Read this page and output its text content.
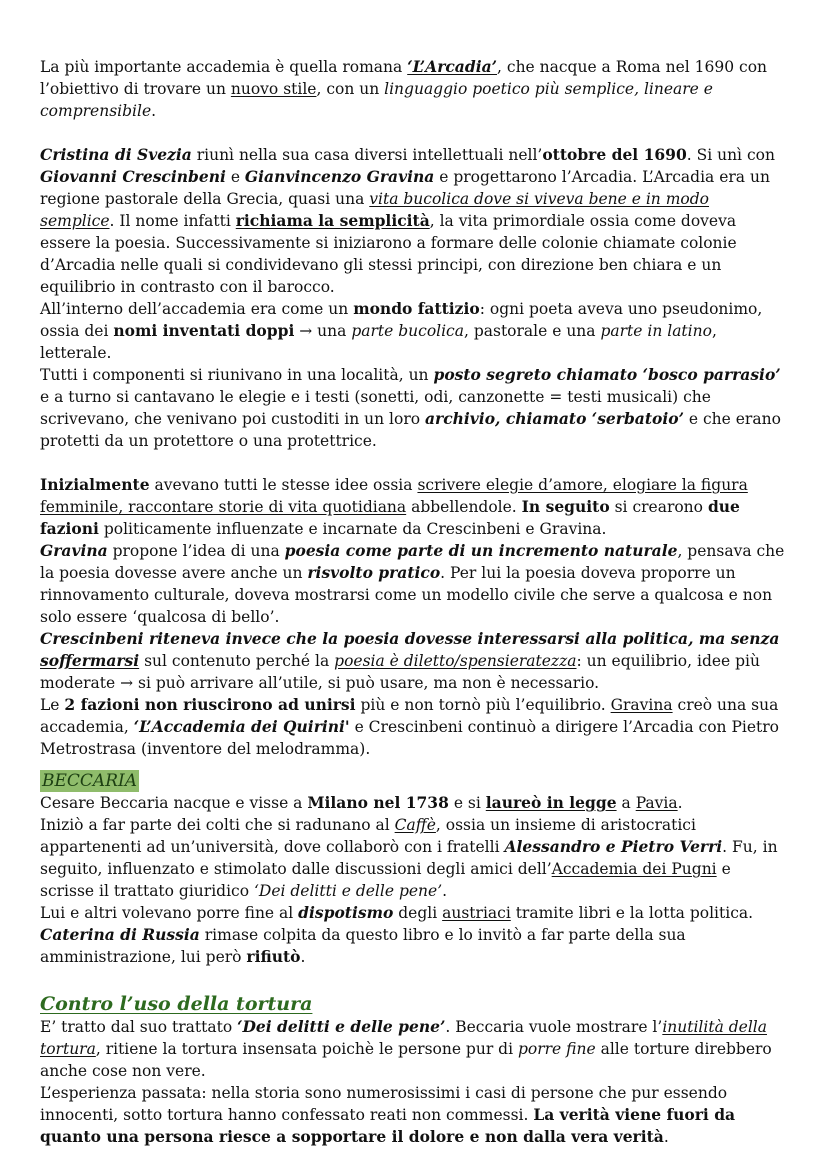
La più importante accademia è quella romana ‘L’Arcadia’, che nacque a Roma nel 1690 con l’obiettivo di trovare un nuovo stile, con un linguaggio poetico più semplice, lineare e comprensibile.

Cristina di Svezia riunì nella sua casa diversi intellettuali nell’ottobre del 1690. Si unì con Giovanni Crescinbeni e Gianvincenzo Gravina e progettarono l’Arcadia. L’Arcadia era un regione pastorale della Grecia, quasi una vita bucolica dove si viveva bene e in modo semplice. Il nome infatti richiama la semplicità, la vita primordiale ossia come doveva essere la poesia. Successivamente si iniziarono a formare delle colonie chiamate colonie d’Arcadia nelle quali si condividevano gli stessi principi, con direzione ben chiara e un equilibrio in contrasto con il barocco.

All’interno dell’accademia era come un mondo fattizio: ogni poeta aveva uno pseudonimo, ossia dei nomi inventati doppi → una parte bucolica, pastorale e una parte in latino, letterale.

Tutti i componenti si riunivano in una località, un posto segreto chiamato ‘bosco parrasio’ e a turno si cantavano le elegie e i testi (sonetti, odi, canzonette = testi musicali) che scrivevano, che venivano poi custoditi in un loro archivio, chiamato ‘serbatoio’ e che erano protetti da un protettore o una protettrice.

Inizialmente avevano tutti le stesse idee ossia scrivere elegie d’amore, elogiare la figura femminile, raccontare storie di vita quotidiana abbellendole. In seguito si crearono due fazioni politicamente influenzate e incarnate da Crescinbeni e Gravina.

Gravina propone l’idea di una poesia come parte di un incremento naturale, pensava che la poesia dovesse avere anche un risvolto pratico. Per lui la poesia doveva proporre un rinnovamento culturale, doveva mostrarsi come un modello civile che serve a qualcosa e non solo essere ‘qualcosa di bello’.

Crescinbeni riteneva invece che la poesia dovesse interessarsi alla politica, ma senza soffermarsi sul contenuto perché la poesia è diletto/spensieratezza: un equilibrio, idee più moderate → si può arrivare all’utile, si può usare, ma non è necessario.

Le 2 fazioni non riuscirono ad unirsi più e non tornò più l’equilibrio. Gravina creò una sua accademia, ‘L’Accademia dei Quirini' e Crescinbeni continuò a dirigere l’Arcadia con Pietro Metrostrasa (inventore del melodramma).

BECCARIA

Cesare Beccaria nacque e visse a Milano nel 1738 e si laureò in legge a Pavia.

Iniziò a far parte dei colti che si radunano al Caffè, ossia un insieme di aristocratici appartenenti ad un’università, dove collaborò con i fratelli Alessandro e Pietro Verri. Fu, in seguito, influenzato e stimolato dalle discussioni degli amici dell’Accademia dei Pugni e scrisse il trattato giuridico ‘Dei delitti e delle pene’.

Lui e altri volevano porre fine al dispotismo degli austriaci tramite libri e la lotta politica.

Caterina di Russia rimase colpita da questo libro e lo invitò a far parte della sua amministrazione, lui però rifiutò.

Contro l’uso della tortura

E’ tratto dal suo trattato ‘Dei delitti e delle pene’. Beccaria vuole mostrare l’inutilità della tortura, ritiene la tortura insensata poichè le persone pur di porre fine alle torture direbbero anche cose non vere.

L’esperienza passata: nella storia sono numerosissimi i casi di persone che pur essendo innocenti, sotto tortura hanno confessato reati non commessi. La verità viene fuori da quanto una persona riesce a sopportare il dolore e non dalla vera verità.
